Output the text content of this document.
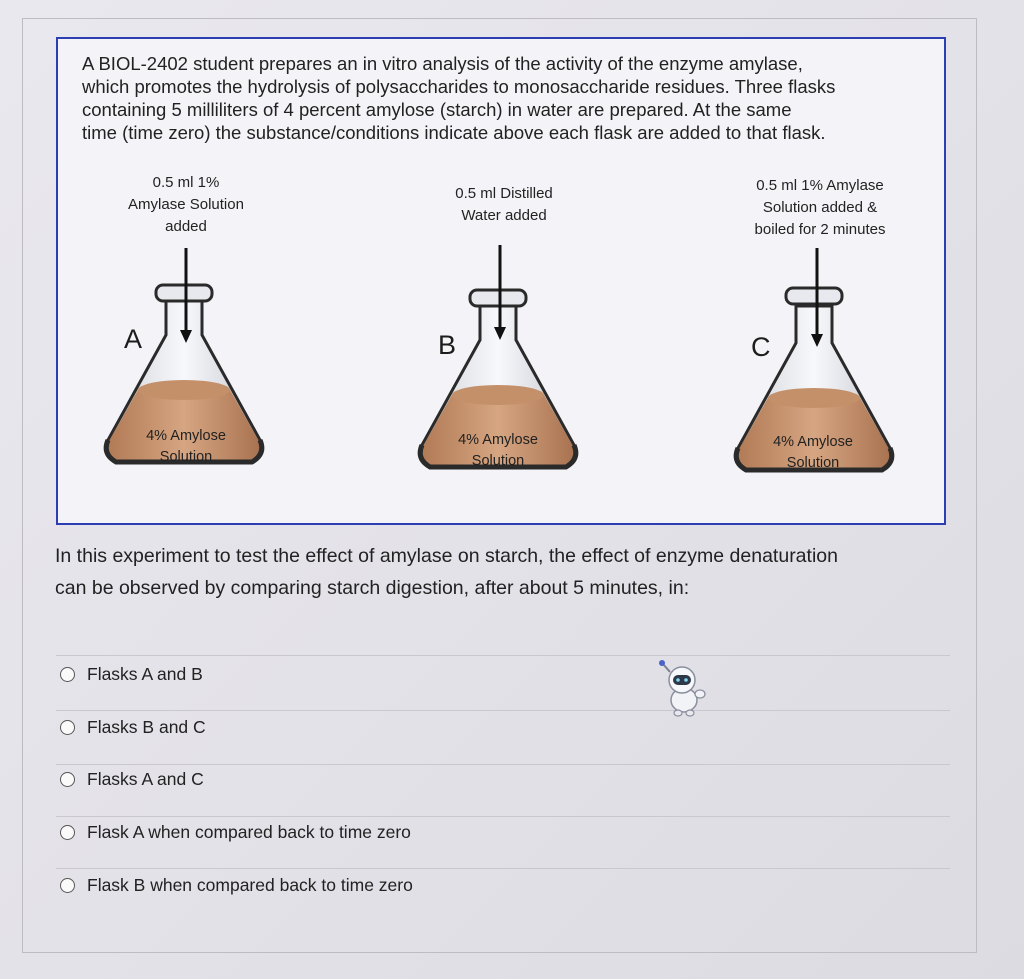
A BIOL-2402 student prepares an in vitro analysis of the activity of the enzyme amylase,
which promotes the hydrolysis of polysaccharides to monosaccharide residues. Three flasks
containing 5 milliliters of 4 percent amylose (starch) in water are prepared. At the same
time (time zero) the substance/conditions indicate above each flask are added to that flask.
0.5 ml 1%
Amylase Solution
added
0.5 ml Distilled
Water added
0.5 ml 1% Amylase
Solution added &
boiled for 2 minutes
A
4% Amylose
Solution
B
4% Amylose
Solution
C
4% Amylose
Solution
In this experiment to test the effect of amylase on starch, the effect of enzyme denaturation
can be observed by comparing starch digestion, after about 5 minutes, in:
Flasks A and B
Flasks B and C
Flasks A and C
Flask A when compared back to time zero
Flask B when compared back to time zero
